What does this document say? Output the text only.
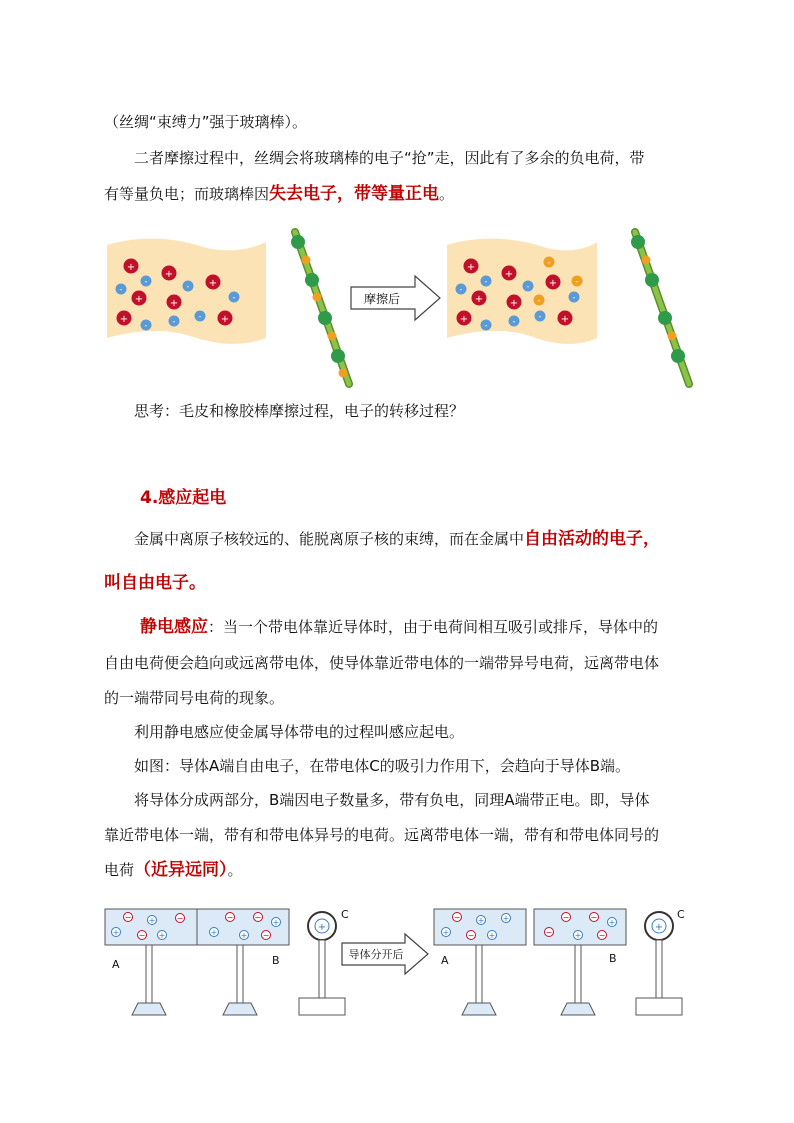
（丝绸“束缚力”强于玻璃棒）。
二者摩擦过程中，丝绸会将玻璃棒的电子“抢”走，因此有了多余的负电荷，带
有等量负电；而玻璃棒因失去电子，带等量正电。
+
+
+
+	+
+	+
-
-
-
-
-
-	-
摩擦后
+
+
+
+	+
+	+
-
-
-
-
-
-	-
-
-
-
思考：毛皮和橡胶棒摩擦过程，电子的转移过程？
4.感应起电
金属中离原子核较远的、能脱离原子核的束缚，而在金属中自由活动的电子，
叫自由电子。
静电感应：当一个带电体靠近导体时，由于电荷间相互吸引或排斥，导体中的
自由电荷便会趋向或远离带电体，使导体靠近带电体的一端带异号电荷，远离带电体
的一端带同号电荷的现象。
利用静电感应使金属导体带电的过程叫感应起电。
如图：导体A端自由电子，在带电体C的吸引力作用下，会趋向于导体B端。
将导体分成两部分，B端因电子数量多，带有负电，同理A端带正电。即，导体
靠近带电体一端，带有和带电体异号的电荷。远离带电体一端，带有和带电体同号的
电荷（近异远同）。
− +	−
+ − +
−	−
+
+	+ −
A	B
+
C
导体分开后
− + +
+ − +
−	−
+
−	+ −
A	B
+
C
